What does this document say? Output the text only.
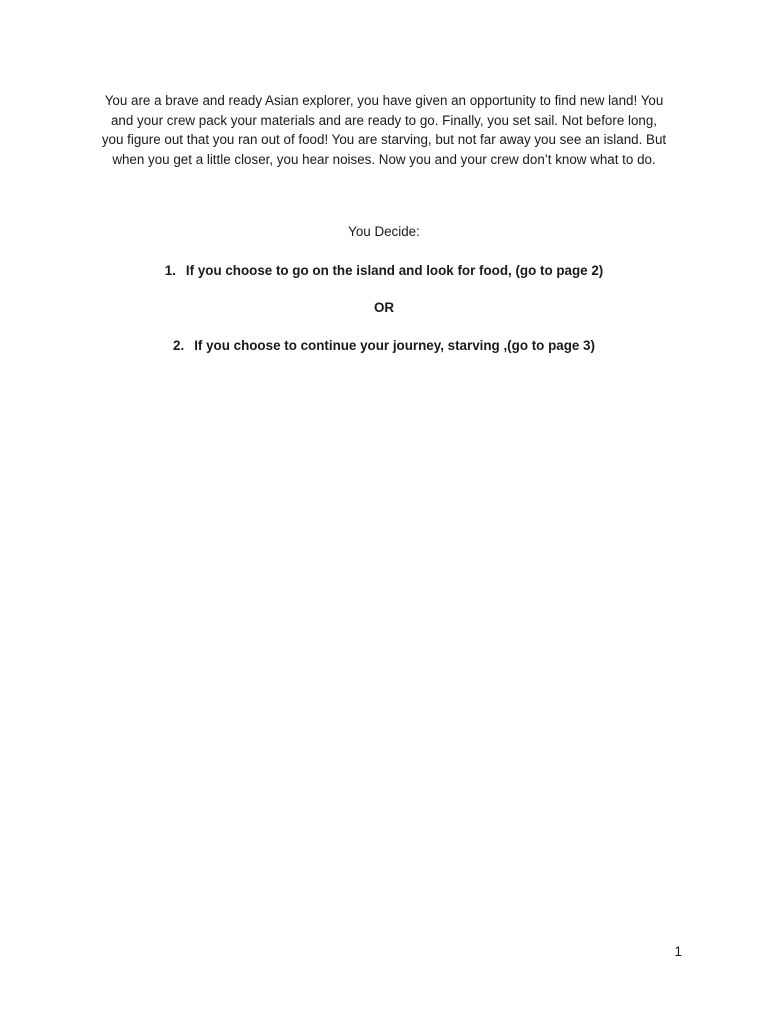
You are a brave and ready Asian explorer, you have given an opportunity to find new land! You
and your crew pack your materials and are ready to go. Finally, you set sail. Not before long,
you figure out that you ran out of food! You are starving, but not far away you see an island. But
when you get a little closer, you hear noises. Now you and your crew don’t know what to do.

You Decide:

1. If you choose to go on the island and look for food, (go to page 2)

OR

2. If you choose to continue your journey, starving ,(go to page 3)

1
